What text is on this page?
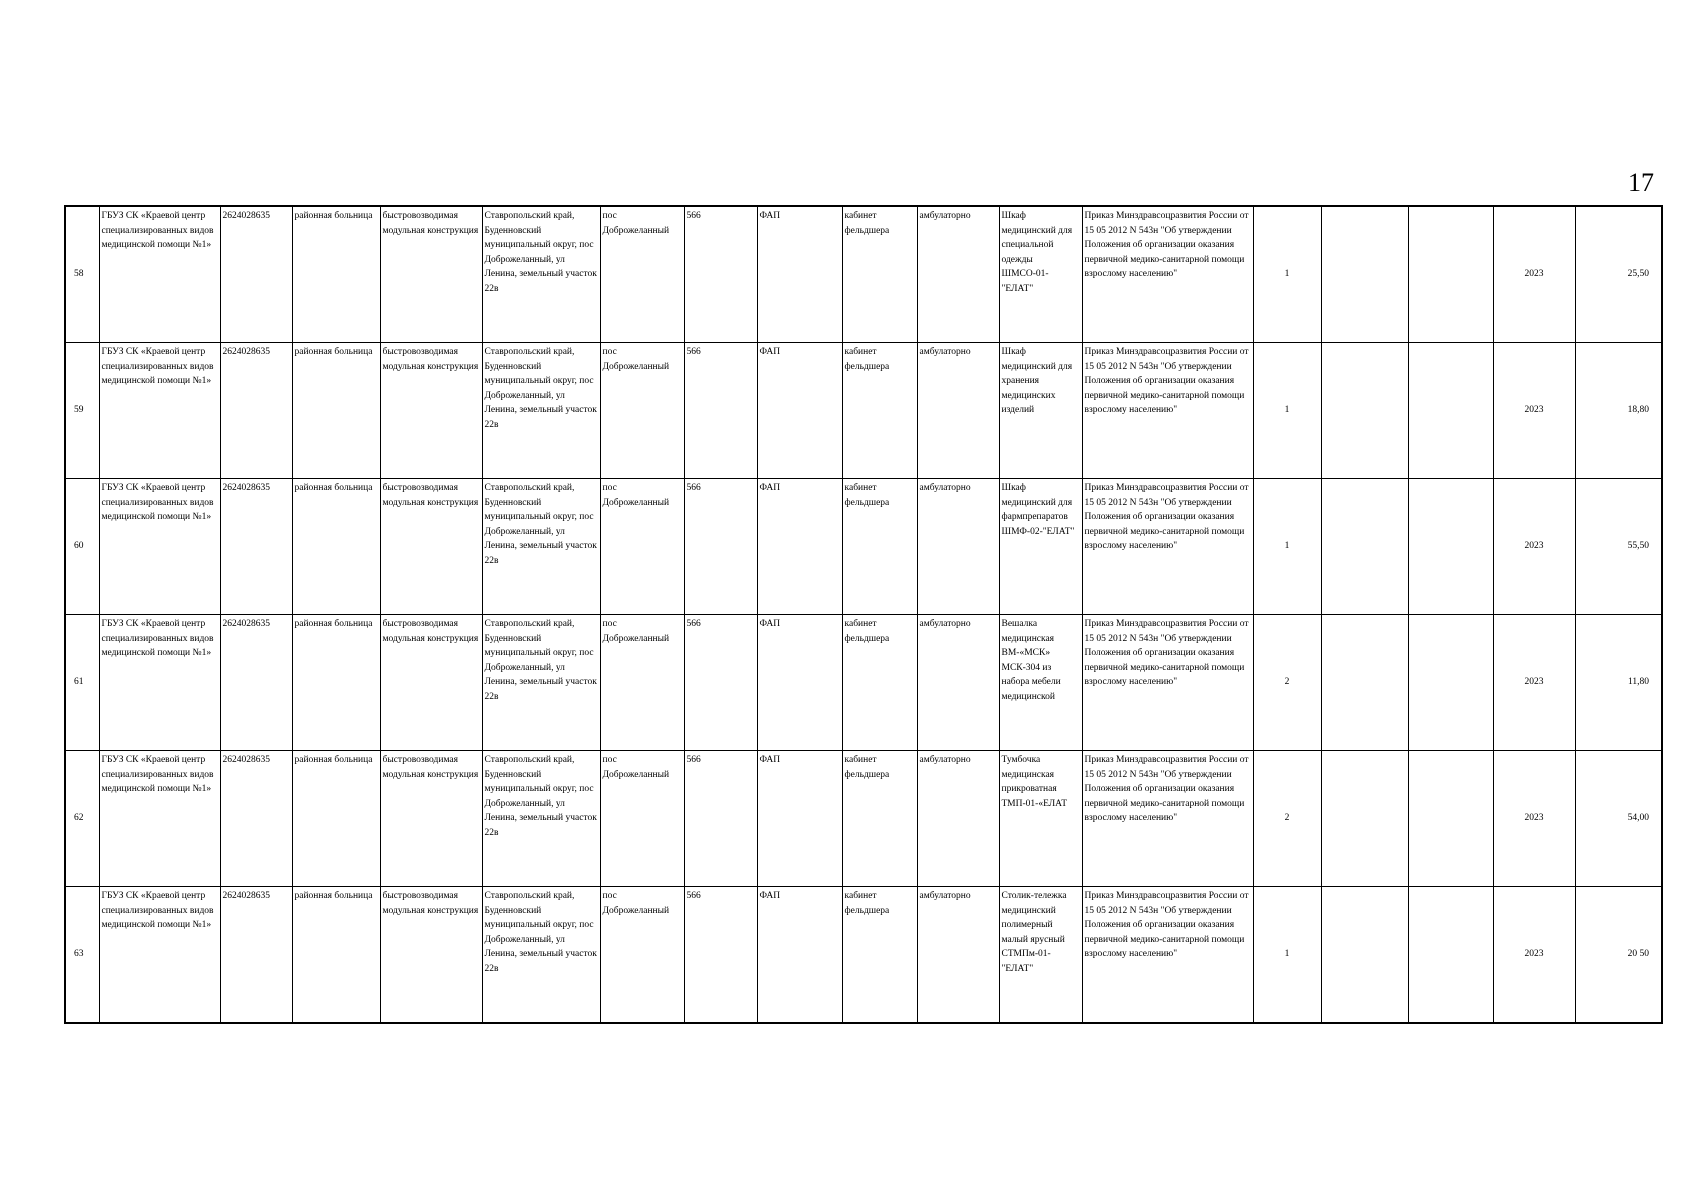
17
58	ГБУЗ СК «Краевой центр специализированных видов медицинской помощи №1»	2624028635	районная больница	быстровозводимая модульная конструкция	Ставропольский край, Буденновский муниципальный округ, пос Доброжеланный, ул Ленина, земельный участок 22в	пос Доброжеланный	566	ФАП	кабинет фельдшера	амбулаторно	Шкаф медицинский для специальной одежды ШМСО-01-"ЕЛАТ"	Приказ Минздравсоцразвития России от 15 05 2012 N 543н "Об утверждении Положения об организации оказания первичной медико-санитарной помощи взрослому населению"	1			2023	25,50
59	ГБУЗ СК «Краевой центр специализированных видов медицинской помощи №1»	2624028635	районная больница	быстровозводимая модульная конструкция	Ставропольский край, Буденновский муниципальный округ, пос Доброжеланный, ул Ленина, земельный участок 22в	пос Доброжеланный	566	ФАП	кабинет фельдшера	амбулаторно	Шкаф медицинский для хранения медицинских изделий	Приказ Минздравсоцразвития России от 15 05 2012 N 543н "Об утверждении Положения об организации оказания первичной медико-санитарной помощи взрослому населению"	1			2023	18,80
60	ГБУЗ СК «Краевой центр специализированных видов медицинской помощи №1»	2624028635	районная больница	быстровозводимая модульная конструкция	Ставропольский край, Буденновский муниципальный округ, пос Доброжеланный, ул Ленина, земельный участок 22в	пос Доброжеланный	566	ФАП	кабинет фельдшера	амбулаторно	Шкаф медицинский для фармпрепаратов ШМФ-02-"ЕЛАТ"	Приказ Минздравсоцразвития России от 15 05 2012 N 543н "Об утверждении Положения об организации оказания первичной медико-санитарной помощи взрослому населению"	1			2023	55,50
61	ГБУЗ СК «Краевой центр специализированных видов медицинской помощи №1»	2624028635	районная больница	быстровозводимая модульная конструкция	Ставропольский край, Буденновский муниципальный округ, пос Доброжеланный, ул Ленина, земельный участок 22в	пос Доброжеланный	566	ФАП	кабинет фельдшера	амбулаторно	Вешалка медицинская ВМ-«МСК» МСК-304 из набора мебели медицинской	Приказ Минздравсоцразвития России от 15 05 2012 N 543н "Об утверждении Положения об организации оказания первичной медико-санитарной помощи взрослому населению"	2			2023	11,80
62	ГБУЗ СК «Краевой центр специализированных видов медицинской помощи №1»	2624028635	районная больница	быстровозводимая модульная конструкция	Ставропольский край, Буденновский муниципальный округ, пос Доброжеланный, ул Ленина, земельный участок 22в	пос Доброжеланный	566	ФАП	кабинет фельдшера	амбулаторно	Тумбочка медицинская прикроватная ТМП-01-«ЕЛАТ	Приказ Минздравсоцразвития России от 15 05 2012 N 543н "Об утверждении Положения об организации оказания первичной медико-санитарной помощи взрослому населению"	2			2023	54,00
63	ГБУЗ СК «Краевой центр специализированных видов медицинской помощи №1»	2624028635	районная больница	быстровозводимая модульная конструкция	Ставропольский край, Буденновский муниципальный округ, пос Доброжеланный, ул Ленина, земельный участок 22в	пос Доброжеланный	566	ФАП	кабинет фельдшера	амбулаторно	Столик-тележка медицинский полимерный малый ярусный СТМПм-01-"ЕЛАТ"	Приказ Минздравсоцразвития России от 15 05 2012 N 543н "Об утверждении Положения об организации оказания первичной медико-санитарной помощи взрослому населению"	1			2023	20 50
